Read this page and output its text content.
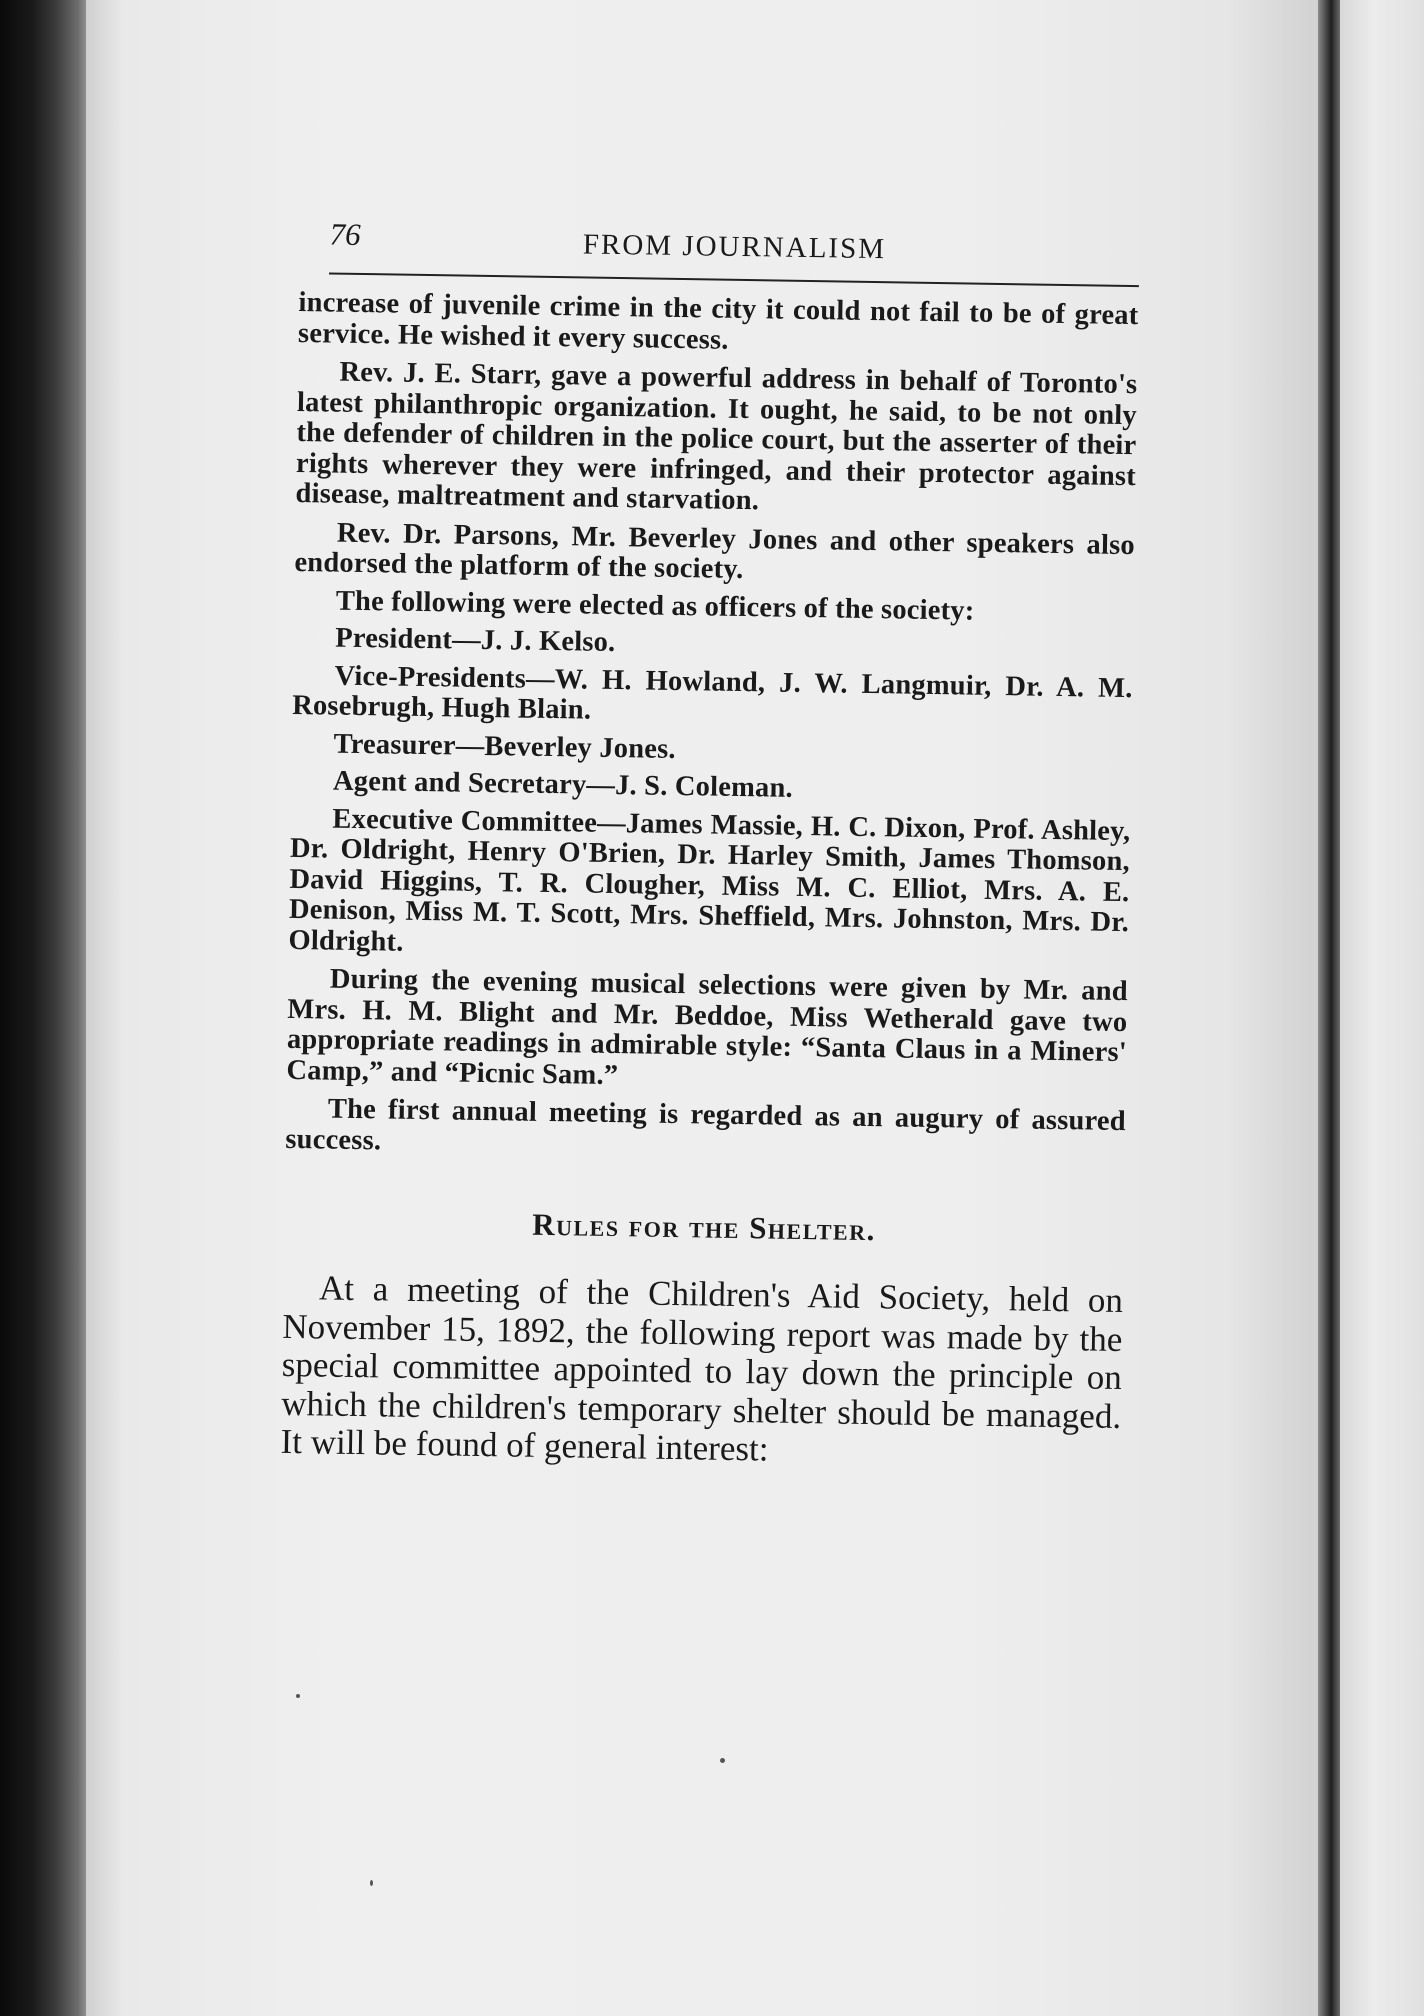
76	FROM JOURNALISM

increase of juvenile crime in the city it could not fail to be of great service. He wished it every success.

Rev. J. E. Starr, gave a powerful address in behalf of Toronto's latest philanthropic organization. It ought, he said, to be not only the defender of children in the police court, but the asserter of their rights wherever they were infringed, and their protector against disease, maltreatment and starvation.

Rev. Dr. Parsons, Mr. Beverley Jones and other speakers also endorsed the platform of the society.

The following were elected as officers of the society:

President—J. J. Kelso.

Vice-Presidents—W. H. Howland, J. W. Langmuir, Dr. A. M. Rosebrugh, Hugh Blain.

Treasurer—Beverley Jones.

Agent and Secretary—J. S. Coleman.

Executive Committee—James Massie, H. C. Dixon, Prof. Ashley, Dr. Oldright, Henry O'Brien, Dr. Harley Smith, James Thomson, David Higgins, T. R. Clougher, Miss M. C. Elliot, Mrs. A. E. Denison, Miss M. T. Scott, Mrs. Sheffield, Mrs. Johnston, Mrs. Dr. Oldright.

During the evening musical selections were given by Mr. and Mrs. H. M. Blight and Mr. Beddoe, Miss Wetherald gave two appropriate readings in admirable style: “Santa Claus in a Miners' Camp,” and “Picnic Sam.”

The first annual meeting is regarded as an augury of assured success.

Rules for the Shelter.

At a meeting of the Children's Aid Society, held on November 15, 1892, the following report was made by the special committee appointed to lay down the principle on which the children's temporary shelter should be managed. It will be found of general interest:
